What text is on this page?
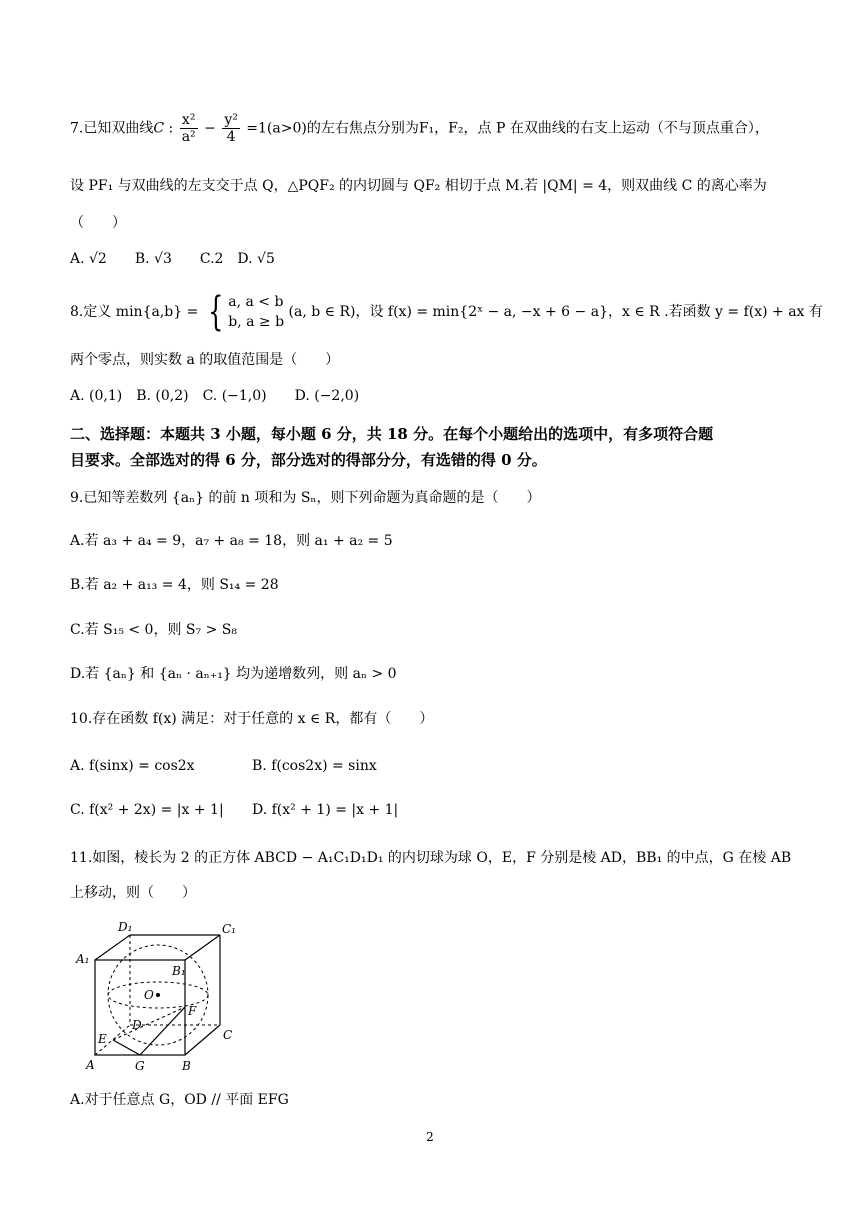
7.已知双曲线C : $\frac{\text{x²}}{\text{a²}} - \frac{\text{y²}}{4} =1(a>0)$的左右焦点分别为F₁，F₂，点 P 在双曲线的右支上运动（不与顶点重合），
设 PF₁ 与双曲线的左支交于点 Q，△PQF₂ 的内切圆与 QF₂ 相切于点 M.若 |QM| = 4，则双曲线 C 的离心率为
（　　）
A. √2　　B. √3　　C.2　D. √5
8.定义 min{a,b} = { a, a < b
b, a ≥ b
(a, b ∈ R)，设 f(x) = min{2ˣ − a, −x + 6 − a}，x ∈ R .若函数 y = f(x) + ax 有
两个零点，则实数 a 的取值范围是（　　）
A. (0,1)　B. (0,2)　C. (−1,0)　　D. (−2,0)
二、选择题：本题共 3 小题，每小题 6 分，共 18 分。在每个小题给出的选项中，有多项符合题
目要求。全部选对的得 6 分，部分选对的得部分分，有选错的得 0 分。
9.已知等差数列 {aₙ} 的前 n 项和为 Sₙ，则下列命题为真命题的是（　　）
A.若 a₃ + a₄ = 9，a₇ + a₈ = 18，则 a₁ + a₂ = 5
B.若 a₂ + a₁₃ = 4，则 S₁₄ = 28
C.若 S₁₅ < 0，则 S₇ > S₈
D.若 {aₙ} 和 {aₙ · aₙ₊₁} 均为递增数列，则 aₙ > 0
10.存在函数 f(x) 满足：对于任意的 x ∈ R，都有（　　）
A. f(sinx) = cos2x	B. f(cos2x) = sinx
C. f(x² + 2x) = |x + 1| D. f(x² + 1) = |x + 1|
11.如图，棱长为 2 的正方体 ABCD − A₁C₁D₁D₁ 的内切球为球 O，E，F 分别是棱 AD，BB₁ 的中点，G 在棱 AB
上移动，则（　　）
D₁	C₁
A₁
B₁
O
F
D
C
E
A	G	B
A.对于任意点 G，OD // 平面 EFG
2
